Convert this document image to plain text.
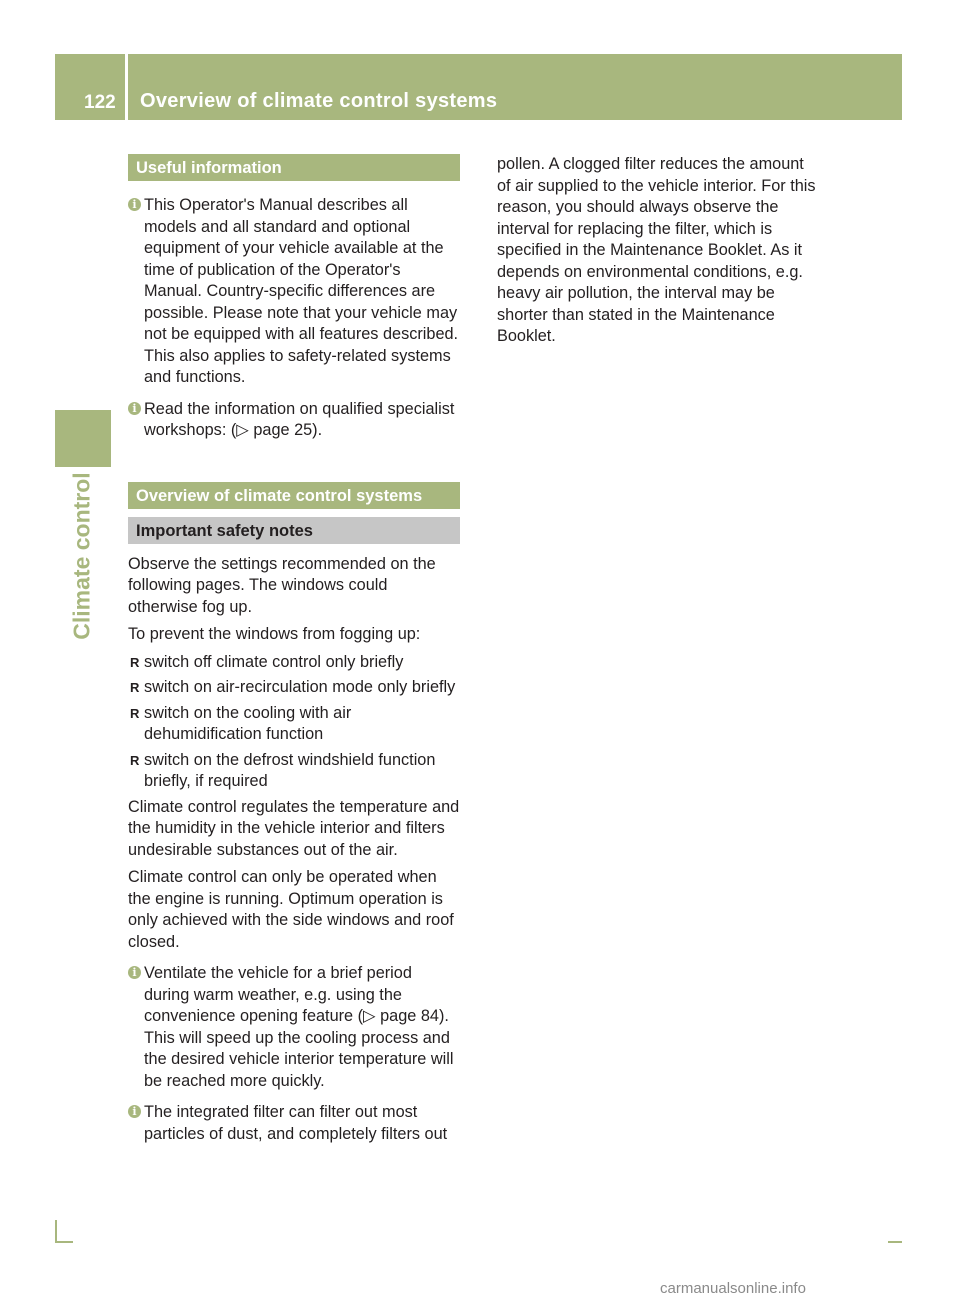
122 Overview of climate control systems
Climate control
Useful information
i This Operator's Manual describes all models and all standard and optional equipment of your vehicle available at the time of publication of the Operator's Manual. Country-specific differences are possible. Please note that your vehicle may not be equipped with all features described. This also applies to safety-related systems and functions.
i Read the information on qualified specialist workshops: (▷ page 25).
Overview of climate control systems
Important safety notes

Observe the settings recommended on the following pages. The windows could otherwise fog up.

To prevent the windows from fogging up:

R switch off climate control only briefly
R switch on air-recirculation mode only briefly
R switch on the cooling with air dehumidification function
R switch on the defrost windshield function briefly, if required

Climate control regulates the temperature and the humidity in the vehicle interior and filters undesirable substances out of the air.

Climate control can only be operated when the engine is running. Optimum operation is only achieved with the side windows and roof closed.

i Ventilate the vehicle for a brief period during warm weather, e.g. using the convenience opening feature (▷ page 84). This will speed up the cooling process and the desired vehicle interior temperature will be reached more quickly.
i The integrated filter can filter out most particles of dust, and completely filters out

pollen. A clogged filter reduces the amount of air supplied to the vehicle interior. For this reason, you should always observe the interval for replacing the filter, which is specified in the Maintenance Booklet. As it depends on environmental conditions, e.g. heavy air pollution, the interval may be shorter than stated in the Maintenance Booklet.

carmanualsonline.info
